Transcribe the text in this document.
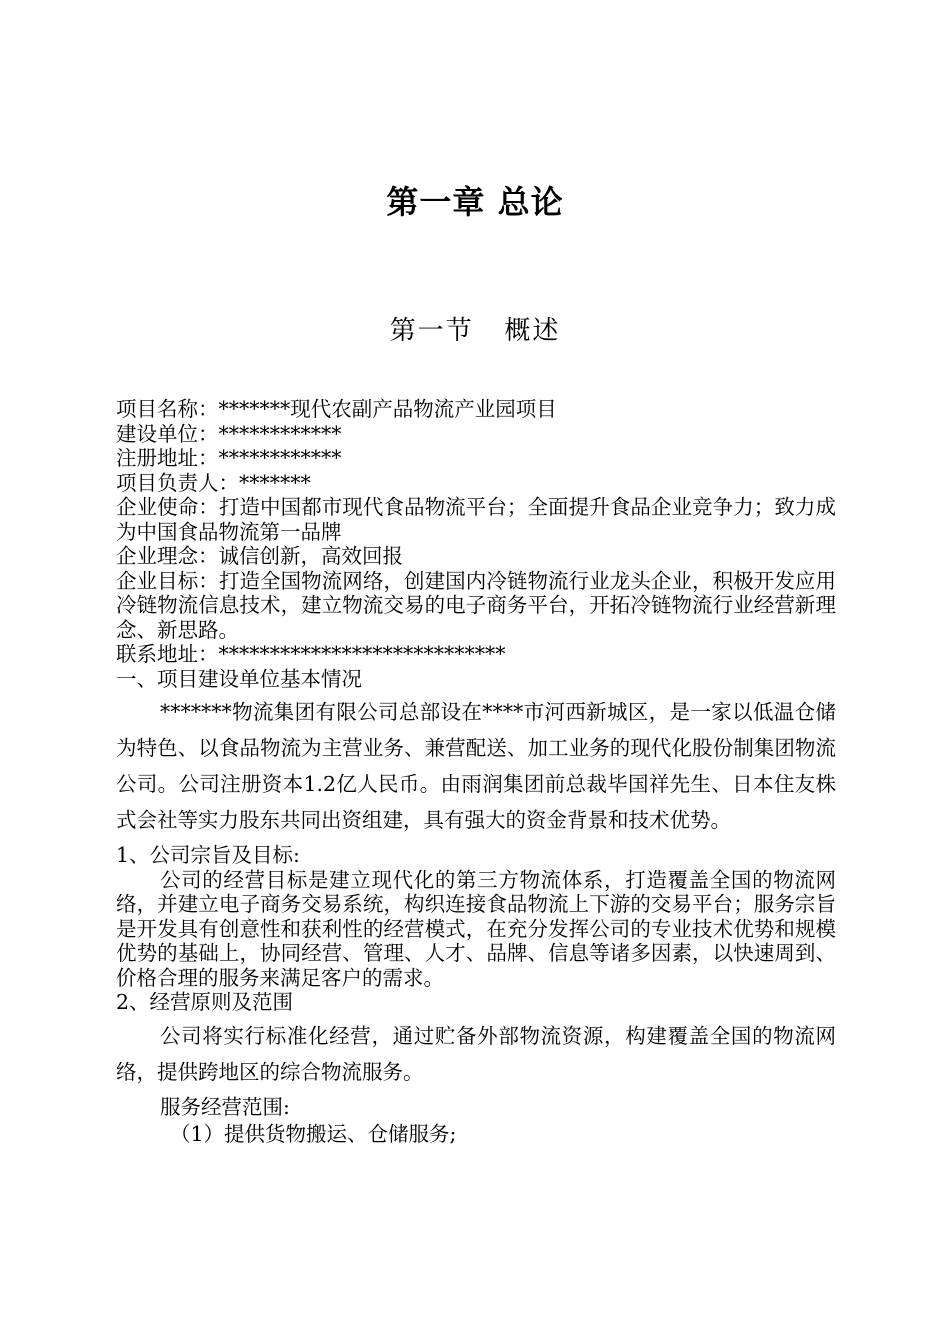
第一章 总论
第一节   概述

项目名称：*******现代农副产品物流产业园项目

建设单位：************

注册地址：************

项目负责人：*******

企业使命：打造中国都市现代食品物流平台；全面提升食品企业竞争力；致力成为中国食品物流第一品牌

企业理念：诚信创新，高效回报

企业目标：打造全国物流网络，创建国内冷链物流行业龙头企业，积极开发应用冷链物流信息技术，建立物流交易的电子商务平台，开拓冷链物流行业经营新理念、新思路。

联系地址：****************************

一、项目建设单位基本情况

*******物流集团有限公司总部设在****市河西新城区，是一家以低温仓储为特色、以食品物流为主营业务、兼营配送、加工业务的现代化股份制集团物流公司。公司注册资本1.2亿人民币。由雨润集团前总裁毕国祥先生、日本住友株式会社等实力股东共同出资组建，具有强大的资金背景和技术优势。

1、公司宗旨及目标:

公司的经营目标是建立现代化的第三方物流体系，打造覆盖全国的物流网络，并建立电子商务交易系统，构织连接食品物流上下游的交易平台；服务宗旨是开发具有创意性和获利性的经营模式，在充分发挥公司的专业技术优势和规模优势的基础上，协同经营、管理、人才、品牌、信息等诸多因素，以快速周到、价格合理的服务来满足客户的需求。

2、经营原则及范围

公司将实行标准化经营，通过贮备外部物流资源，构建覆盖全国的物流网络，提供跨地区的综合物流服务。

服务经营范围:

（1）提供货物搬运、仓储服务;
